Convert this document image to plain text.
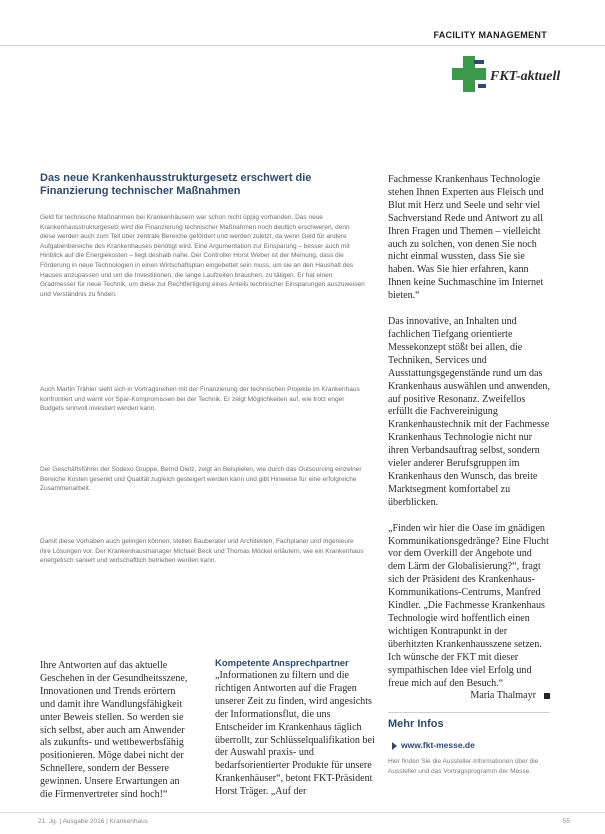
FACILITY MANAGEMENT
FKT-aktuell
Das neue Krankenhausstrukturgesetz erschwert die Finanzierung technischer Maßnahmen
Geld für technische Maßnahmen bei Krankenhäusern war schon nicht üppig vorhanden. Das neue Krankenhausstrukturgesetz wird die Finanzierung technischer Maßnahmen noch deutlich erschweren, denn diese werden auch zum Teil über zentrale Bereiche gefördert und werden zuletzt, da wenn Geld für andere Aufgabenbereiche des Krankenhauses benötigt wird. Eine Argumentation zur Einsparung – besser auch mit Hinblick auf die Energiekosten – liegt deshalb nahe. Der Controller Horst Weber ist der Meinung, dass die Förderung in neue Technologien in einen Wirtschaftsplan eingebettet sein muss, um sie an den Haushalt des Hauses anzupassen und um die Investitionen, die lange Laufzeiten brauchen, zu tätigen. Er hat einen Gradmesser für neue Technik, um diese zur Rechtfertigung eines Anteils technischer Einsparungen auszuweisen und Verständnis zu finden.
Auch Martin Trähler sieht sich in Vortragsreihen mit der Finanzierung der technischen Projekte im Krankenhaus konfrontiert und warnt vor Spar-Kompromissen bei der Technik. Er zeigt Möglichkeiten auf, wie trotz enger Budgets sinnvoll investiert werden kann.
Der Geschäftsführer der Sodexo Gruppe, Bernd Dietz, zeigt an Beispielen, wie durch das Outsourcing einzelner Bereiche Kosten gesenkt und Qualität zugleich gesteigert werden kann und gibt Hinweise für eine erfolgreiche Zusammenarbeit.
Damit diese Vorhaben auch gelingen können, stellen Bauberater und Architekten, Fachplaner und Ingenieure ihre Lösungen vor. Der Krankenhausmanager Michael Beck und Thomas Möckel erläutern, wie ein Krankenhaus energetisch saniert und wirtschaftlich betrieben werden kann.

Ihre Antworten auf das aktuelle Geschehen in der Gesundheitsszene, Innovationen und Trends erörtern und damit ihre Wandlungsfähigkeit unter Beweis stellen. So werden sie sich selbst, aber auch am Anwender als zukunfts- und wettbewerbsfähig positionieren. Möge dabei nicht der Schnellere, sondern der Bessere gewinnen. Unsere Erwartungen an die Firmenvertreter sind hoch!“

Kompetente Ansprechpartner

„Informationen zu filtern und die richtigen Antworten auf die Fragen unserer Zeit zu finden, wird angesichts der Informationsflut, die uns Entscheider im Krankenhaus täglich überrollt, zur Schlüsselqualifikation bei der Auswahl praxis- und bedarfsorientierter Produkte für unsere Krankenhäuser“, betont FKT-Präsident Horst Träger. „Auf der

Fachmesse Krankenhaus Technologie stehen Ihnen Experten aus Fleisch und Blut mit Herz und Seele und sehr viel Sachverstand Rede und Antwort zu all Ihren Fragen und Themen – vielleicht auch zu solchen, von denen Sie noch nicht einmal wussten, dass Sie sie haben. Was Sie hier erfahren, kann Ihnen keine Suchmaschine im Internet bieten.“

Das innovative, an Inhalten und fachlichen Tiefgang orientierte Messekonzept stößt bei allen, die Techniken, Services und Ausstattungsgegenstände rund um das Krankenhaus auswählen und anwenden, auf positive Resonanz. Zweifellos erfüllt die Fachvereinigung Krankenhaustechnik mit der Fachmesse Krankenhaus Technologie nicht nur ihren Verbandsauftrag selbst, sondern vieler anderer Berufsgruppen im Krankenhaus den Wunsch, das breite Marktsegment komfortabel zu überblicken.

„Finden wir hier die Oase im gnädigen Kommunikationsgedränge? Eine Flucht vor dem Overkill der Angebote und dem Lärm der Globalisierung?“, fragt sich der Präsident des Krankenhaus-Kommunikations-Centrums, Manfred Kindler. „Die Fachmesse Krankenhaus Technologie wird hoffentlich einen wichtigen Kontrapunkt in der überhitzten Krankenhausszene setzen. Ich wünsche der FKT mit dieser sympathischen Idee viel Erfolg und freue mich auf den Besuch.“

Maria Thalmayr
Mehr Infos
www.fkt-messe.de
Hier finden Sie die Aussteller-Informationen über die Aussteller und das Vortragsprogramm der Messe.
21. Jg. | Ausgabe 2016 | Krankenhaus	55
